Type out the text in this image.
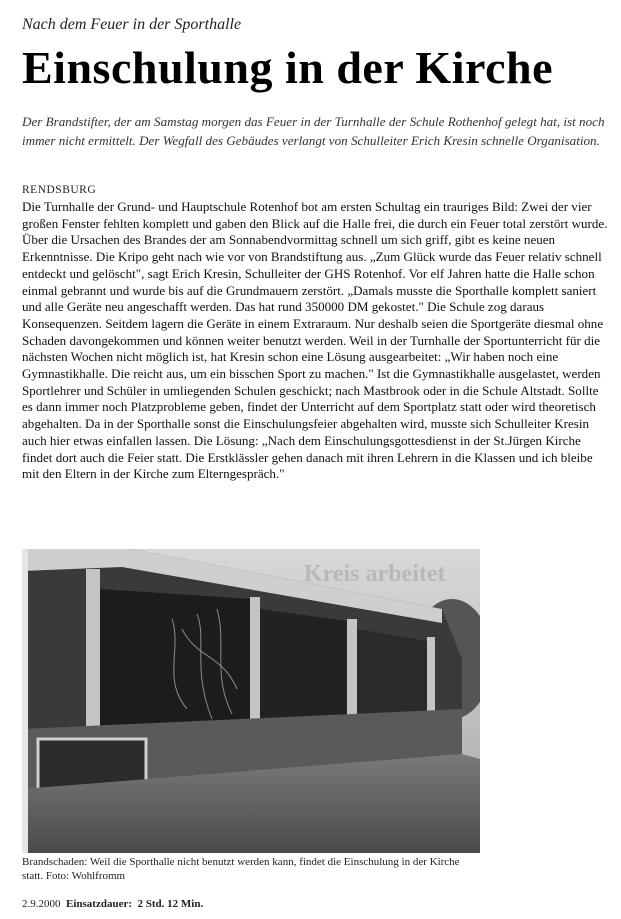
Nach dem Feuer in der Sporthalle
Einschulung in der Kirche
Der Brandstifter, der am Samstag morgen das Feuer in der Turnhalle der Schule Rothenhof gelegt hat, ist noch immer nicht ermittelt. Der Wegfall des Gebäudes verlangt von Schulleiter Erich Kresin schnelle Organisation.
RENDSBURG
Die Turnhalle der Grund- und Hauptschule Rotenhof bot am ersten Schultag ein trauriges Bild: Zwei der vier großen Fenster fehlten komplett und gaben den Blick auf die Halle frei, die durch ein Feuer total zerstört wurde. Über die Ursachen des Brandes der am Sonnabendvormittag schnell um sich griff, gibt es keine neuen Erkenntnisse. Die Kripo geht nach wie vor von Brandstiftung aus. „Zum Glück wurde das Feuer relativ schnell entdeckt und gelöscht", sagt Erich Kresin, Schulleiter der GHS Rotenhof. Vor elf Jahren hatte die Halle schon einmal gebrannt und wurde bis auf die Grundmauern zerstört. „Damals musste die Sporthalle komplett saniert und alle Geräte neu angeschafft werden. Das hat rund 350000 DM gekostet." Die Schule zog daraus Konsequenzen. Seitdem lagern die Geräte in einem Extraraum. Nur deshalb seien die Sportgeräte diesmal ohne Schaden davongekommen und können weiter benutzt werden. Weil in der Turnhalle der Sportunterricht für die nächsten Wochen nicht möglich ist, hat Kresin schon eine Lösung ausgearbeitet: „Wir haben noch eine Gymnastikhalle. Die reicht aus, um ein bisschen Sport zu machen." Ist die Gymnastikhalle ausgelastet, werden Sportlehrer und Schüler in umliegenden Schulen geschickt; nach Mastbrook oder in die Schule Altstadt. Sollte es dann immer noch Platzprobleme geben, findet der Unterricht auf dem Sportplatz statt oder wird theoretisch abgehalten. Da in der Sporthalle sonst die Einschulungsfeier abgehalten wird, musste sich Schulleiter Kresin auch hier etwas einfallen lassen. Die Lösung: „Nach dem Einschulungsgottesdienst in der St.Jürgen Kirche findet dort auch die Feier statt. Die Erstklässler gehen danach mit ihren Lehrern in die Klassen und ich bleibe mit den Eltern in der Kirche zum Elterngespräch."
Kreis arbeitet
Brandschaden: Weil die Sporthalle nicht benutzt werden kann, findet die Einschulung in der Kirche statt. Foto: Wohlfromm
2.9.2000 Einsatzdauer: 2 Std. 12 Min.
